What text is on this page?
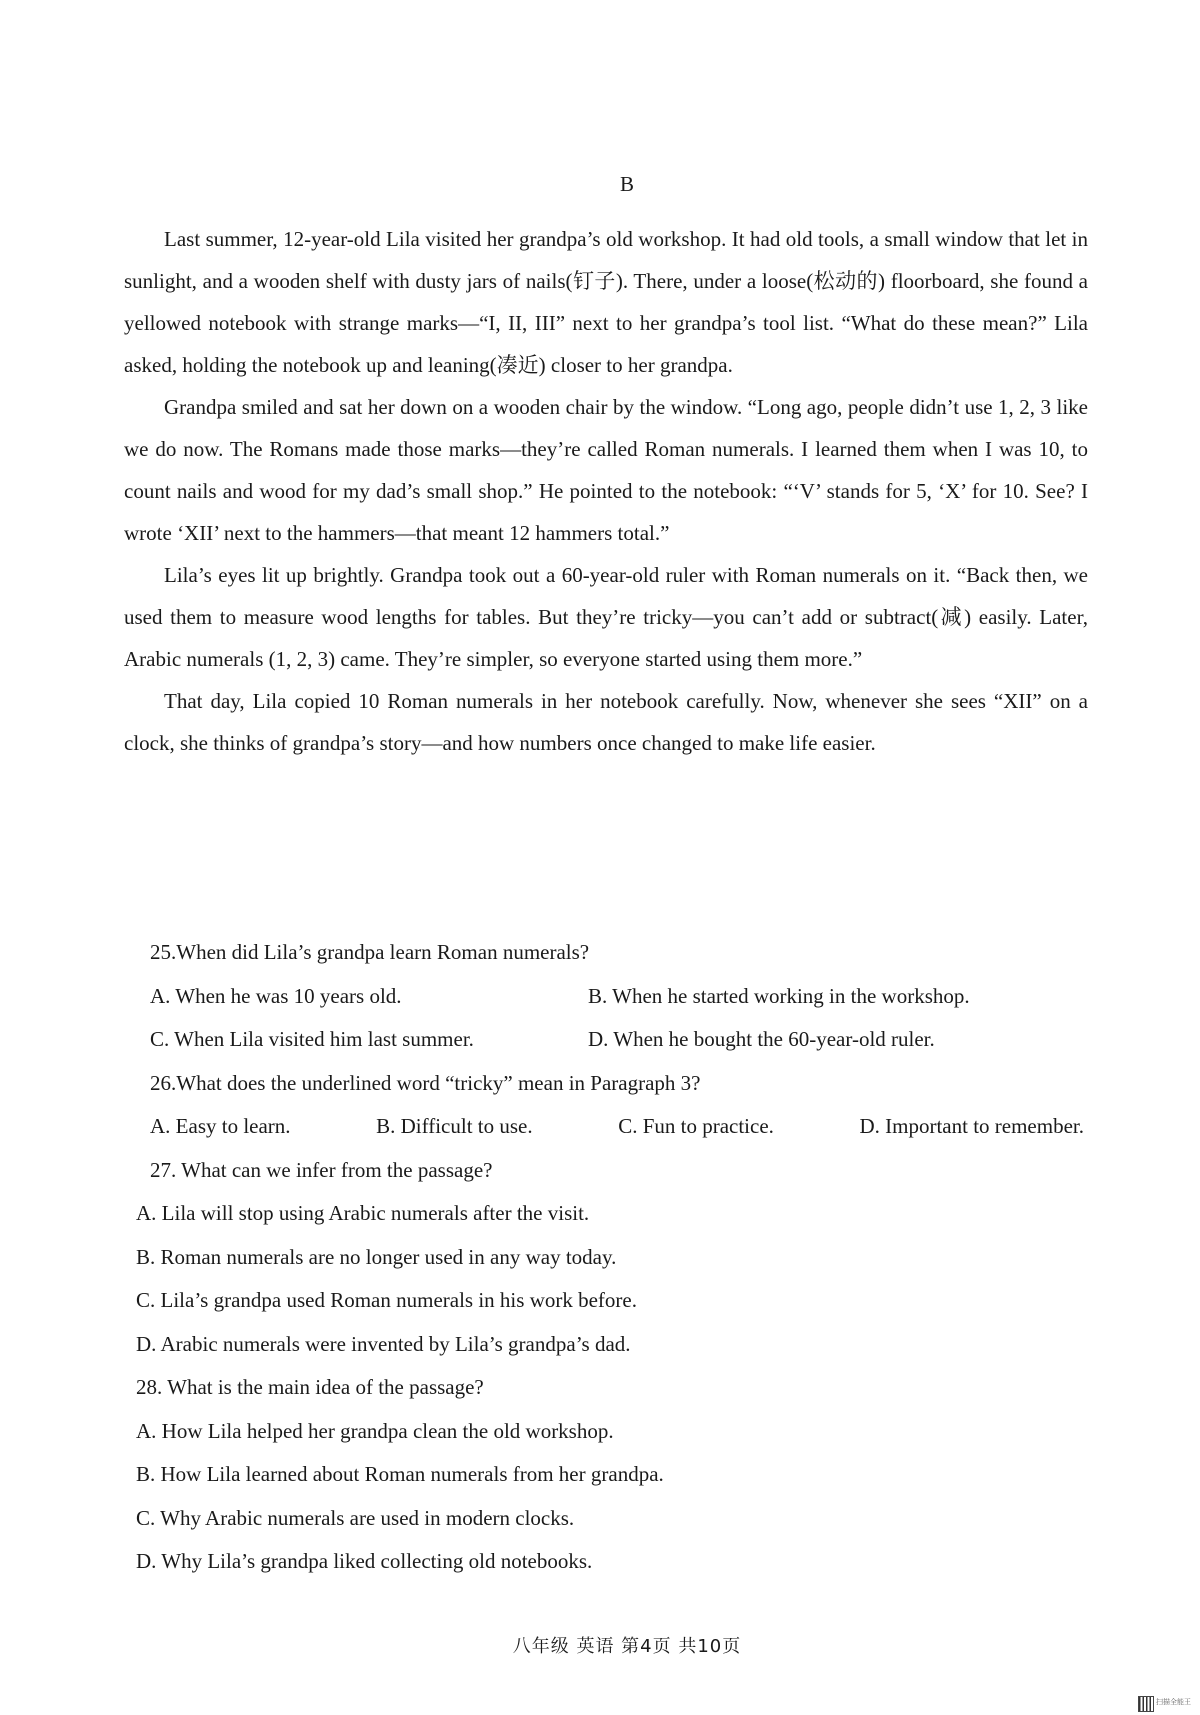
B

Last summer, 12-year-old Lila visited her grandpa’s old workshop. It had old tools, a small window that let in sunlight, and a wooden shelf with dusty jars of nails(钉子). There, under a loose(松动的) floorboard, she found a yellowed notebook with strange marks—“I, II, III” next to her grandpa’s tool list. “What do these mean?” Lila asked, holding the notebook up and leaning(凑近) closer to her grandpa.

Grandpa smiled and sat her down on a wooden chair by the window. “Long ago, people didn’t use 1, 2, 3 like we do now. The Romans made those marks—they’re called Roman numerals. I learned them when I was 10, to count nails and wood for my dad’s small shop.” He pointed to the notebook: “‘V’ stands for 5, ‘X’ for 10. See? I wrote ‘XII’ next to the hammers—that meant 12 hammers total.”

Lila’s eyes lit up brightly. Grandpa took out a 60-year-old ruler with Roman numerals on it. “Back then, we used them to measure wood lengths for tables. But they’re tricky—you can’t add or subtract(减) easily. Later, Arabic numerals (1, 2, 3) came. They’re simpler, so everyone started using them more.”

That day, Lila copied 10 Roman numerals in her notebook carefully. Now, whenever she sees “XII” on a clock, she thinks of grandpa’s story—and how numbers once changed to make life easier.

25.When did Lila’s grandpa learn Roman numerals?
A. When he was 10 years old.	B. When he started working in the workshop.
C. When Lila visited him last summer.	D. When he bought the 60-year-old ruler.
26.What does the underlined word “tricky” mean in Paragraph 3?
A. Easy to learn.	B. Difficult to use.	C. Fun to practice.	D. Important to remember.
27. What can we infer from the passage?
A. Lila will stop using Arabic numerals after the visit.
B. Roman numerals are no longer used in any way today.
C. Lila’s grandpa used Roman numerals in his work before.
D. Arabic numerals were invented by Lila’s grandpa’s dad.
28. What is the main idea of the passage?
A. How Lila helped her grandpa clean the old workshop.
B. How Lila learned about Roman numerals from her grandpa.
C. Why Arabic numerals are used in modern clocks.
D. Why Lila’s grandpa liked collecting old notebooks.
八年级 英语 第4页 共10页
扫描全能王
